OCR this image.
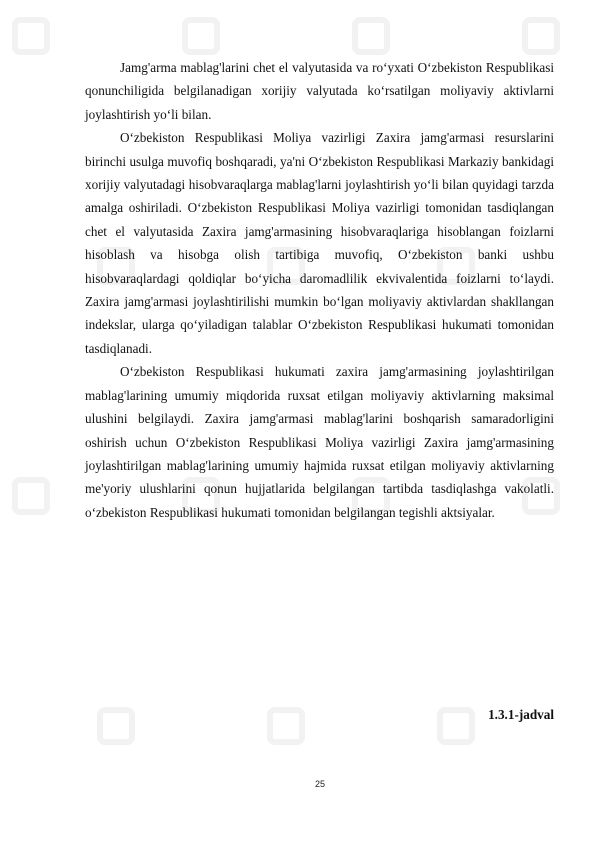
Jamg'arma mablag'larini chet el valyutasida va ro‘yxati O‘zbekiston Respublikasi qonunchiligida belgilanadigan xorijiy valyutada ko‘rsatilgan moliyaviy aktivlarni joylashtirish yo‘li bilan.

O‘zbekiston Respublikasi Moliya vazirligi Zaxira jamg'armasi resurslarini birinchi usulga muvofiq boshqaradi, ya'ni O‘zbekiston Respublikasi Markaziy bankidagi xorijiy valyutadagi hisobvaraqlarga mablag'larni joylashtirish yo‘li bilan quyidagi tarzda amalga oshiriladi. O‘zbekiston Respublikasi Moliya vazirligi tomonidan tasdiqlangan chet el valyutasida Zaxira jamg'armasining hisobvaraqlariga hisoblangan foizlarni hisoblash va hisobga olish tartibiga muvofiq, O‘zbekiston banki ushbu hisobvaraqlardagi qoldiqlar bo‘yicha daromadlilik ekvivalentida foizlarni to‘laydi. Zaxira jamg'armasi joylashtirilishi mumkin bo‘lgan moliyaviy aktivlardan shakllangan indekslar, ularga qo‘yiladigan talablar O‘zbekiston Respublikasi hukumati tomonidan tasdiqlanadi.

O‘zbekiston Respublikasi hukumati zaxira jamg'armasining joylashtirilgan mablag'larining umumiy miqdorida ruxsat etilgan moliyaviy aktivlarning maksimal ulushini belgilaydi. Zaxira jamg'armasi mablag'larini boshqarish samaradorligini oshirish uchun O‘zbekiston Respublikasi Moliya vazirligi Zaxira jamg'armasining joylashtirilgan mablag'larining umumiy hajmida ruxsat etilgan moliyaviy aktivlarning me'yoriy ulushlarini qonun hujjatlarida belgilangan tartibda tasdiqlashga vakolatli. o‘zbekiston Respublikasi hukumati tomonidan belgilangan tegishli aktsiyalar.

1.3.1-jadval
25
